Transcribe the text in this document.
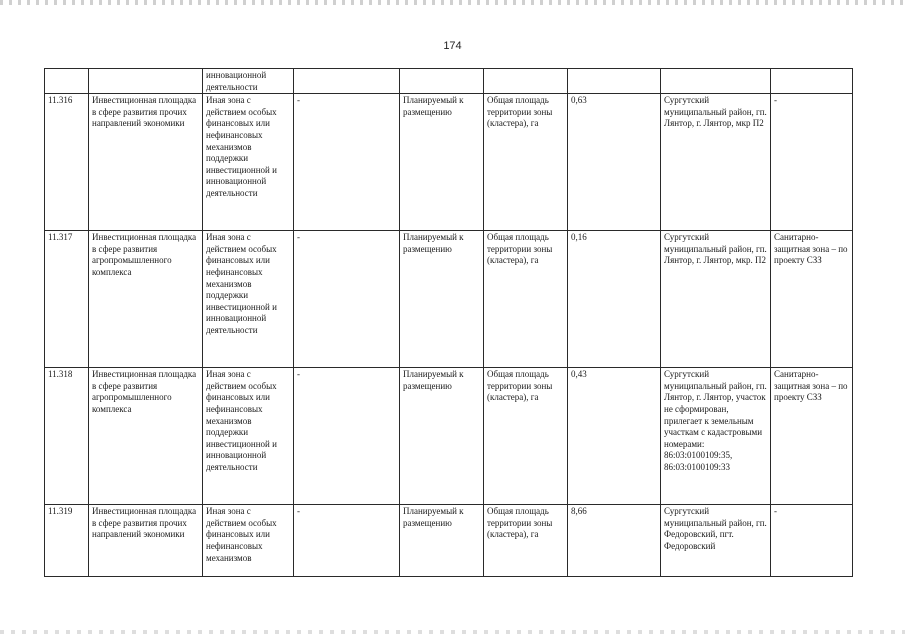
174
		инновационной деятельности						
11.316	Инвестиционная площадка в сфере развития прочих направлений экономики	Иная зона с действием особых финансовых или нефинансовых механизмов поддержки инвестиционной и инновационной деятельности	-	Планируемый к размещению	Общая площадь территории зоны (кластера), га	0,63	Сургутский муниципальный район, гп. Лянтор, г. Лянтор, мкр П2	-
11.317	Инвестиционная площадка в сфере развития агропромышленного комплекса	Иная зона с действием особых финансовых или нефинансовых механизмов поддержки инвестиционной и инновационной деятельности	-	Планируемый к размещению	Общая площадь территории зоны (кластера), га	0,16	Сургутский муниципальный район, гп. Лянтор, г. Лянтор, мкр. П2	Санитарно-защитная зона – по проекту СЗЗ
11.318	Инвестиционная площадка в сфере развития агропромышленного комплекса	Иная зона с действием особых финансовых или нефинансовых механизмов поддержки инвестиционной и инновационной деятельности	-	Планируемый к размещению	Общая площадь территории зоны (кластера), га	0,43	Сургутский муниципальный район, гп. Лянтор, г. Лянтор, участок не сформирован, прилегает к земельным участкам с кадастровыми номерами: 86:03:0100109:35, 86:03:0100109:33	Санитарно-защитная зона – по проекту СЗЗ
11.319	Инвестиционная площадка в сфере развития прочих направлений экономики	Иная зона с действием особых финансовых или нефинансовых механизмов	-	Планируемый к размещению	Общая площадь территории зоны (кластера), га	8,66	Сургутский муниципальный район, гп. Федоровский, пгт. Федоровский	-
